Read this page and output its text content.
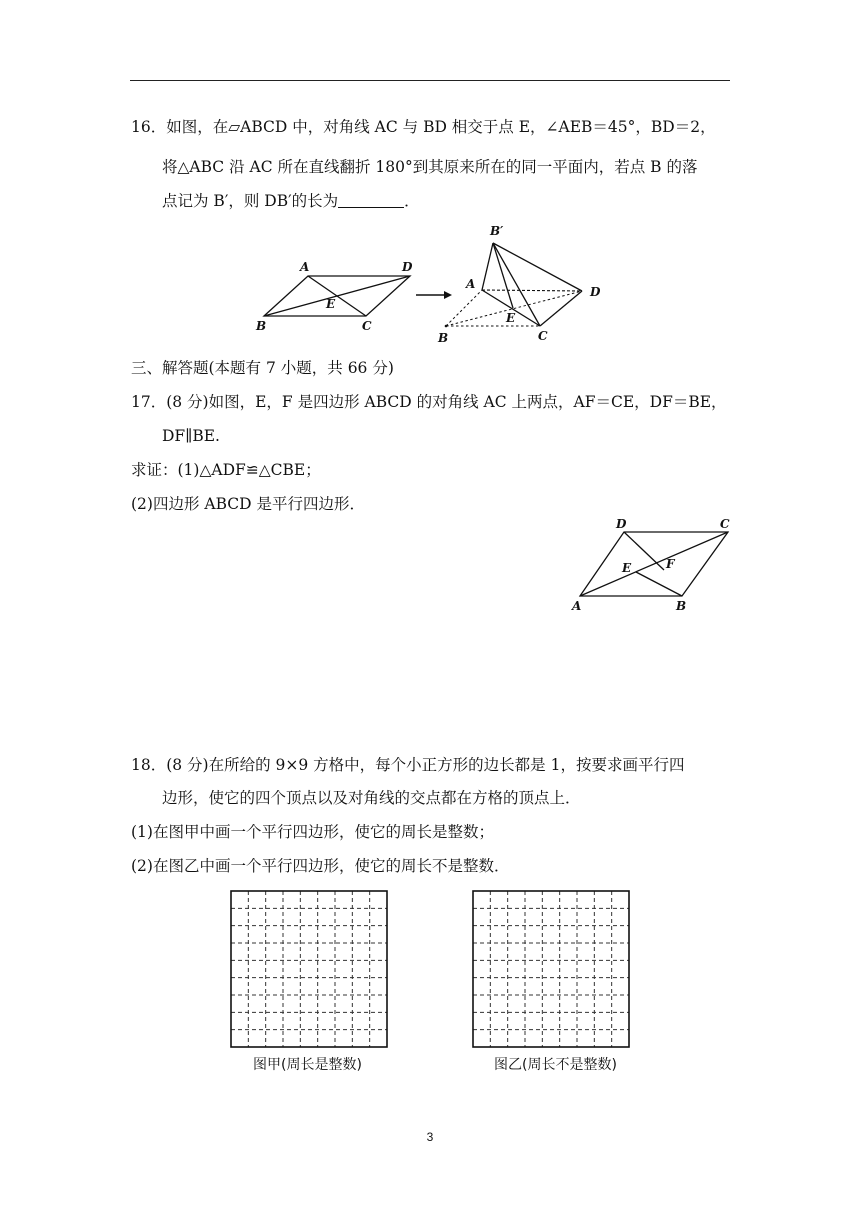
16．如图，在▱ABCD 中，对角线 AC 与 BD 相交于点 E，∠AEB＝45°，BD＝2，
将△ABC 沿 AC 所在直线翻折 180°到其原来所在的同一平面内，若点 B 的落
点记为 B′，则 DB′的长为	．
A	D
B	C
E
B′
A
D
E
B	C
三、解答题(本题有 7 小题，共 66 分)
17．(8 分)如图，E，F 是四边形 ABCD 的对角线 AC 上两点，AF＝CE，DF＝BE，
DF∥BE.
求证：(1)△ADF≌△CBE；
(2)四边形 ABCD 是平行四边形．
D	C
E	F
A	B
18．(8 分)在所给的 9×9 方格中，每个小正方形的边长都是 1，按要求画平行四
边形，使它的四个顶点以及对角线的交点都在方格的顶点上．
(1)在图甲中画一个平行四边形，使它的周长是整数；
(2)在图乙中画一个平行四边形，使它的周长不是整数．
图甲(周长是整数)	图乙(周长不是整数)
3
